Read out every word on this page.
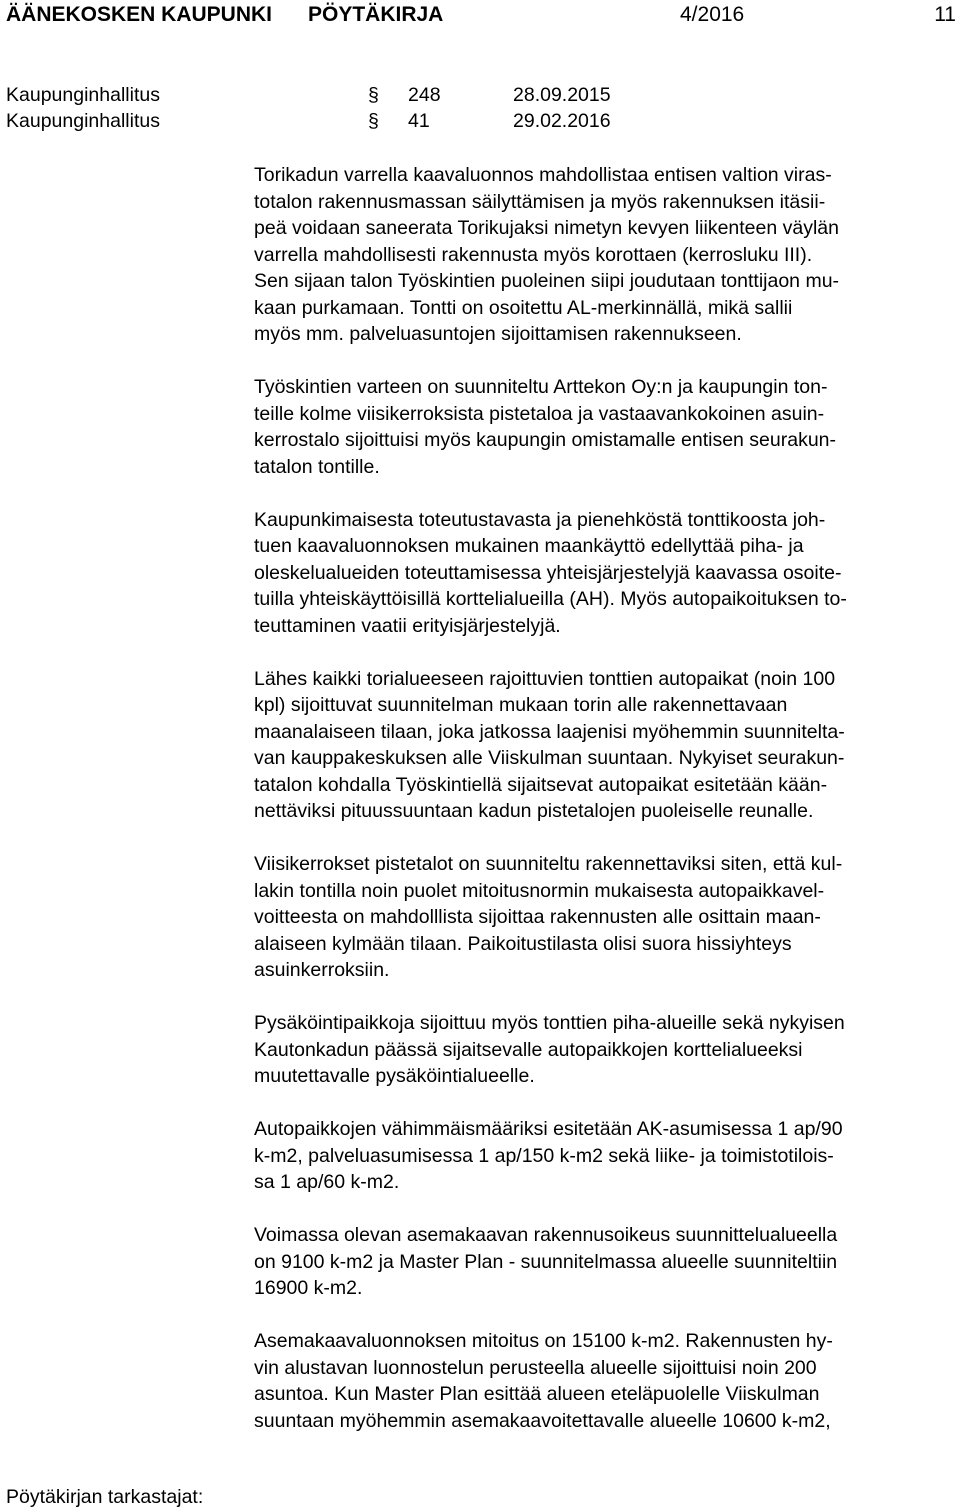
ÄÄNEKOSKEN KAUPUNKI PÖYTÄKIRJA	4/2016	11
Kaupunginhallitus	§ 248	28.09.2015
Kaupunginhallitus	§ 41	29.02.2016

Torikadun varrella kaavaluonnos mahdollistaa entisen valtion viras-
totalon rakennusmassan säilyttämisen ja myös rakennuksen itäsii-
peä voidaan saneerata Torikujaksi nimetyn kevyen liikenteen väylän
varrella mahdollisesti rakennusta myös korottaen (kerrosluku III).
Sen sijaan talon Työskintien puoleinen siipi joudutaan tonttijaon mu-
kaan purkamaan. Tontti on osoitettu AL-merkinnällä, mikä sallii
myös mm. palveluasuntojen sijoittamisen rakennukseen.

Työskintien varteen on suunniteltu Arttekon Oy:n ja kaupungin ton-
teille kolme viisikerroksista pistetaloa ja vastaavankokoinen asuin-
kerrostalo sijoittuisi myös kaupungin omistamalle entisen seurakun-
tatalon tontille.

Kaupunkimaisesta toteutustavasta ja pienehköstä tonttikoosta joh-
tuen kaavaluonnoksen mukainen maankäyttö edellyttää piha- ja
oleskelualueiden toteuttamisessa yhteisjärjestelyjä kaavassa osoite-
tuilla yhteiskäyttöisillä korttelialueilla (AH). Myös autopaikoituksen to-
teuttaminen vaatii erityisjärjestelyjä.

Lähes kaikki torialueeseen rajoittuvien tonttien autopaikat (noin 100
kpl) sijoittuvat suunnitelman mukaan torin alle rakennettavaan
maanalaiseen tilaan, joka jatkossa laajenisi myöhemmin suunnitelta-
van kauppakeskuksen alle Viiskulman suuntaan. Nykyiset seurakun-
tatalon kohdalla Työskintiellä sijaitsevat autopaikat esitetään kään-
nettäviksi pituussuuntaan kadun pistetalojen puoleiselle reunalle.

Viisikerrokset pistetalot on suunniteltu rakennettaviksi siten, että kul-
lakin tontilla noin puolet mitoitusnormin mukaisesta autopaikkavel-
voitteesta on mahdolllista sijoittaa rakennusten alle osittain maan-
alaiseen kylmään tilaan. Paikoitustilasta olisi suora hissiyhteys
asuinkerroksiin.

Pysäköintipaikkoja sijoittuu myös tonttien piha-alueille sekä nykyisen
Kautonkadun päässä sijaitsevalle autopaikkojen korttelialueeksi
muutettavalle pysäköintialueelle.

Autopaikkojen vähimmäismääriksi esitetään AK-asumisessa 1 ap/90
k-m2, palveluasumisessa 1 ap/150 k-m2 sekä liike- ja toimistotilois-
sa 1 ap/60 k-m2.

Voimassa olevan asemakaavan rakennusoikeus suunnittelualueella
on 9100 k-m2 ja Master Plan - suunnitelmassa alueelle suunniteltiin
16900 k-m2.

Asemakaavaluonnoksen mitoitus on 15100 k-m2. Rakennusten hy-
vin alustavan luonnostelun perusteella alueelle sijoittuisi noin 200
asuntoa. Kun Master Plan esittää alueen eteläpuolelle Viiskulman
suuntaan myöhemmin asemakaavoitettavalle alueelle 10600 k-m2,

Pöytäkirjan tarkastajat:
